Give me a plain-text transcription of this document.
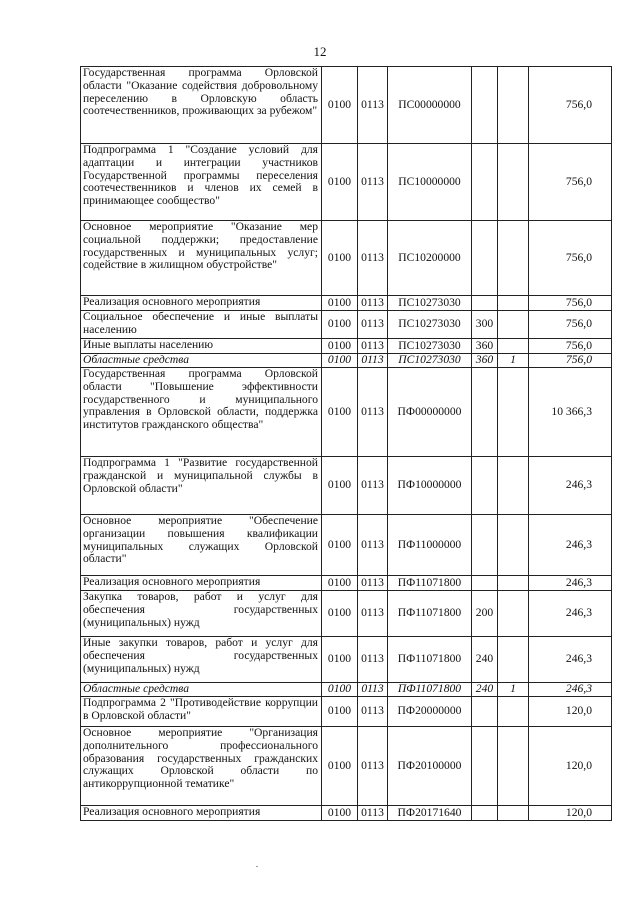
12
Государственная программа Орловской области "Оказание содействия добровольному переселению в Орловскую область соотечественников, проживающих за рубежом"	0100	0113	ПС00000000			756,0
Подпрограмма 1 "Создание условий для адаптации и интеграции участников Государственной программы переселения соотечественников и членов их семей в принимающее сообщество"	0100	0113	ПС10000000			756,0
Основное мероприятие "Оказание мер социальной поддержки; предоставление государственных и муниципальных услуг; содействие в жилищном обустройстве"	0100	0113	ПС10200000			756,0
Реализация основного мероприятия	0100	0113	ПС10273030			756,0
Социальное обеспечение и иные выплаты населению	0100	0113	ПС10273030	300		756,0
Иные выплаты населению	0100	0113	ПС10273030	360		756,0
Областные средства	0100	0113	ПС10273030	360	1	756,0
Государственная программа Орловской области "Повышение эффективности государственного и муниципального управления в Орловской области, поддержка институтов гражданского общества"	0100	0113	ПФ00000000			10 366,3
Подпрограмма 1 "Развитие государственной гражданской и муниципальной службы в Орловской области"	0100	0113	ПФ10000000			246,3
Основное мероприятие "Обеспечение организации повышения квалификации муниципальных служащих Орловской области"	0100	0113	ПФ11000000			246,3
Реализация основного мероприятия	0100	0113	ПФ11071800			246,3
Закупка товаров, работ и услуг для обеспечения государственных (муниципальных) нужд	0100	0113	ПФ11071800	200		246,3
Иные закупки товаров, работ и услуг для обеспечения государственных (муниципальных) нужд	0100	0113	ПФ11071800	240		246,3
Областные средства	0100	0113	ПФ11071800	240	1	246,3
Подпрограмма 2 "Противодействие коррупции в Орловской области"	0100	0113	ПФ20000000			120,0
Основное мероприятие "Организация дополнительного профессионального образования государственных гражданских служащих Орловской области по антикоррупционной тематике"	0100	0113	ПФ20100000			120,0
Реализация основного мероприятия	0100	0113	ПФ20171640			120,0
